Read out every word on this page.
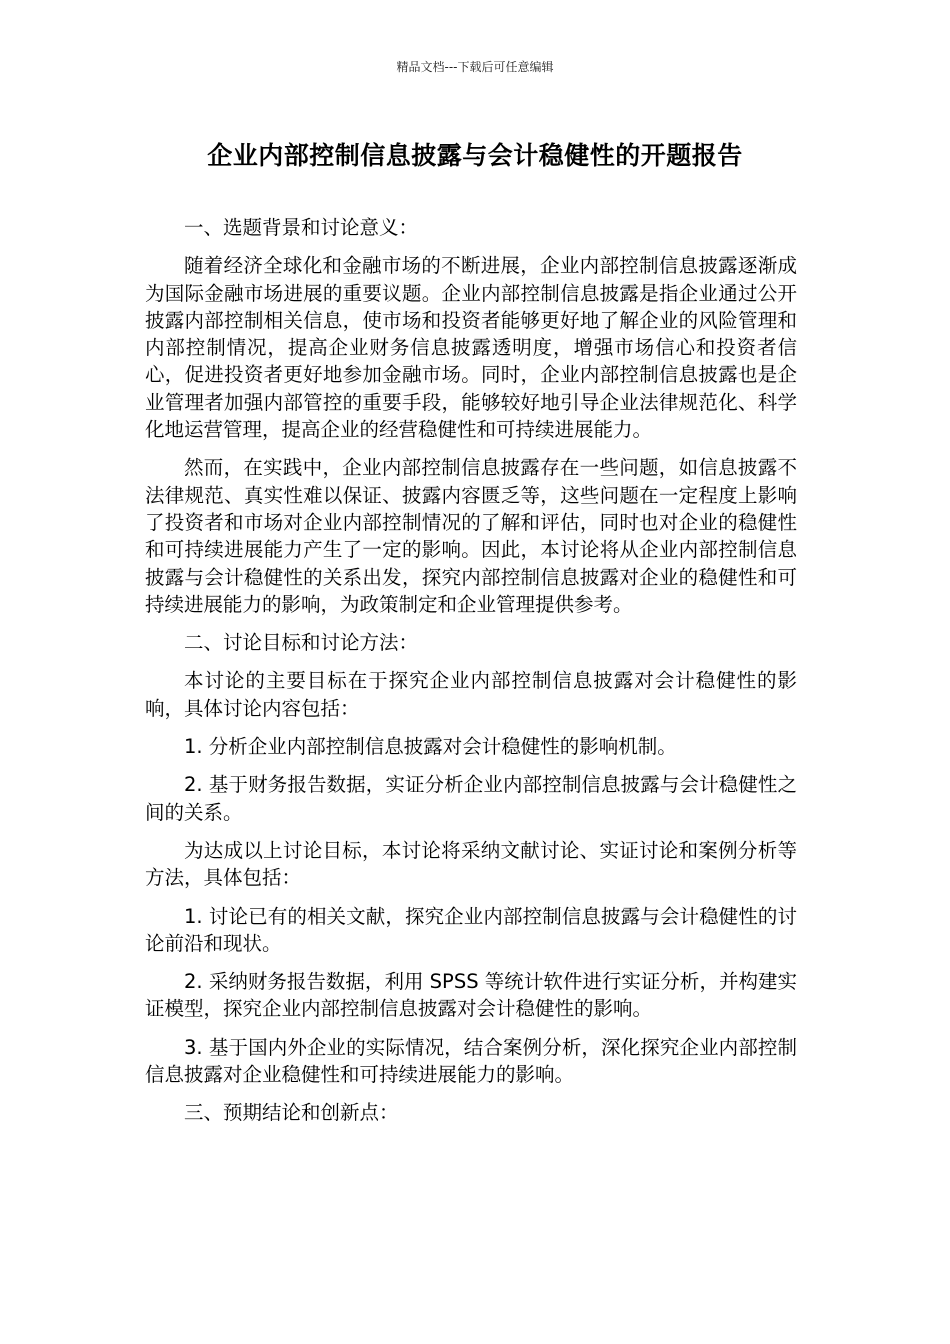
精品文档---下载后可任意编辑
企业内部控制信息披露与会计稳健性的开题报告

一、选题背景和讨论意义：

随着经济全球化和金融市场的不断进展，企业内部控制信息披露逐渐成为国际金融市场进展的重要议题。企业内部控制信息披露是指企业通过公开披露内部控制相关信息，使市场和投资者能够更好地了解企业的风险管理和内部控制情况，提高企业财务信息披露透明度，增强市场信心和投资者信心，促进投资者更好地参加金融市场。同时，企业内部控制信息披露也是企业管理者加强内部管控的重要手段，能够较好地引导企业法律规范化、科学化地运营管理，提高企业的经营稳健性和可持续进展能力。

然而，在实践中，企业内部控制信息披露存在一些问题，如信息披露不法律规范、真实性难以保证、披露内容匮乏等，这些问题在一定程度上影响了投资者和市场对企业内部控制情况的了解和评估，同时也对企业的稳健性和可持续进展能力产生了一定的影响。因此，本讨论将从企业内部控制信息披露与会计稳健性的关系出发，探究内部控制信息披露对企业的稳健性和可持续进展能力的影响，为政策制定和企业管理提供参考。

二、讨论目标和讨论方法：

本讨论的主要目标在于探究企业内部控制信息披露对会计稳健性的影响，具体讨论内容包括：

1. 分析企业内部控制信息披露对会计稳健性的影响机制。

2. 基于财务报告数据，实证分析企业内部控制信息披露与会计稳健性之间的关系。

为达成以上讨论目标，本讨论将采纳文献讨论、实证讨论和案例分析等方法，具体包括：

1. 讨论已有的相关文献，探究企业内部控制信息披露与会计稳健性的讨论前沿和现状。

2. 采纳财务报告数据，利用 SPSS 等统计软件进行实证分析，并构建实证模型，探究企业内部控制信息披露对会计稳健性的影响。

3. 基于国内外企业的实际情况，结合案例分析，深化探究企业内部控制信息披露对企业稳健性和可持续进展能力的影响。

三、预期结论和创新点：
